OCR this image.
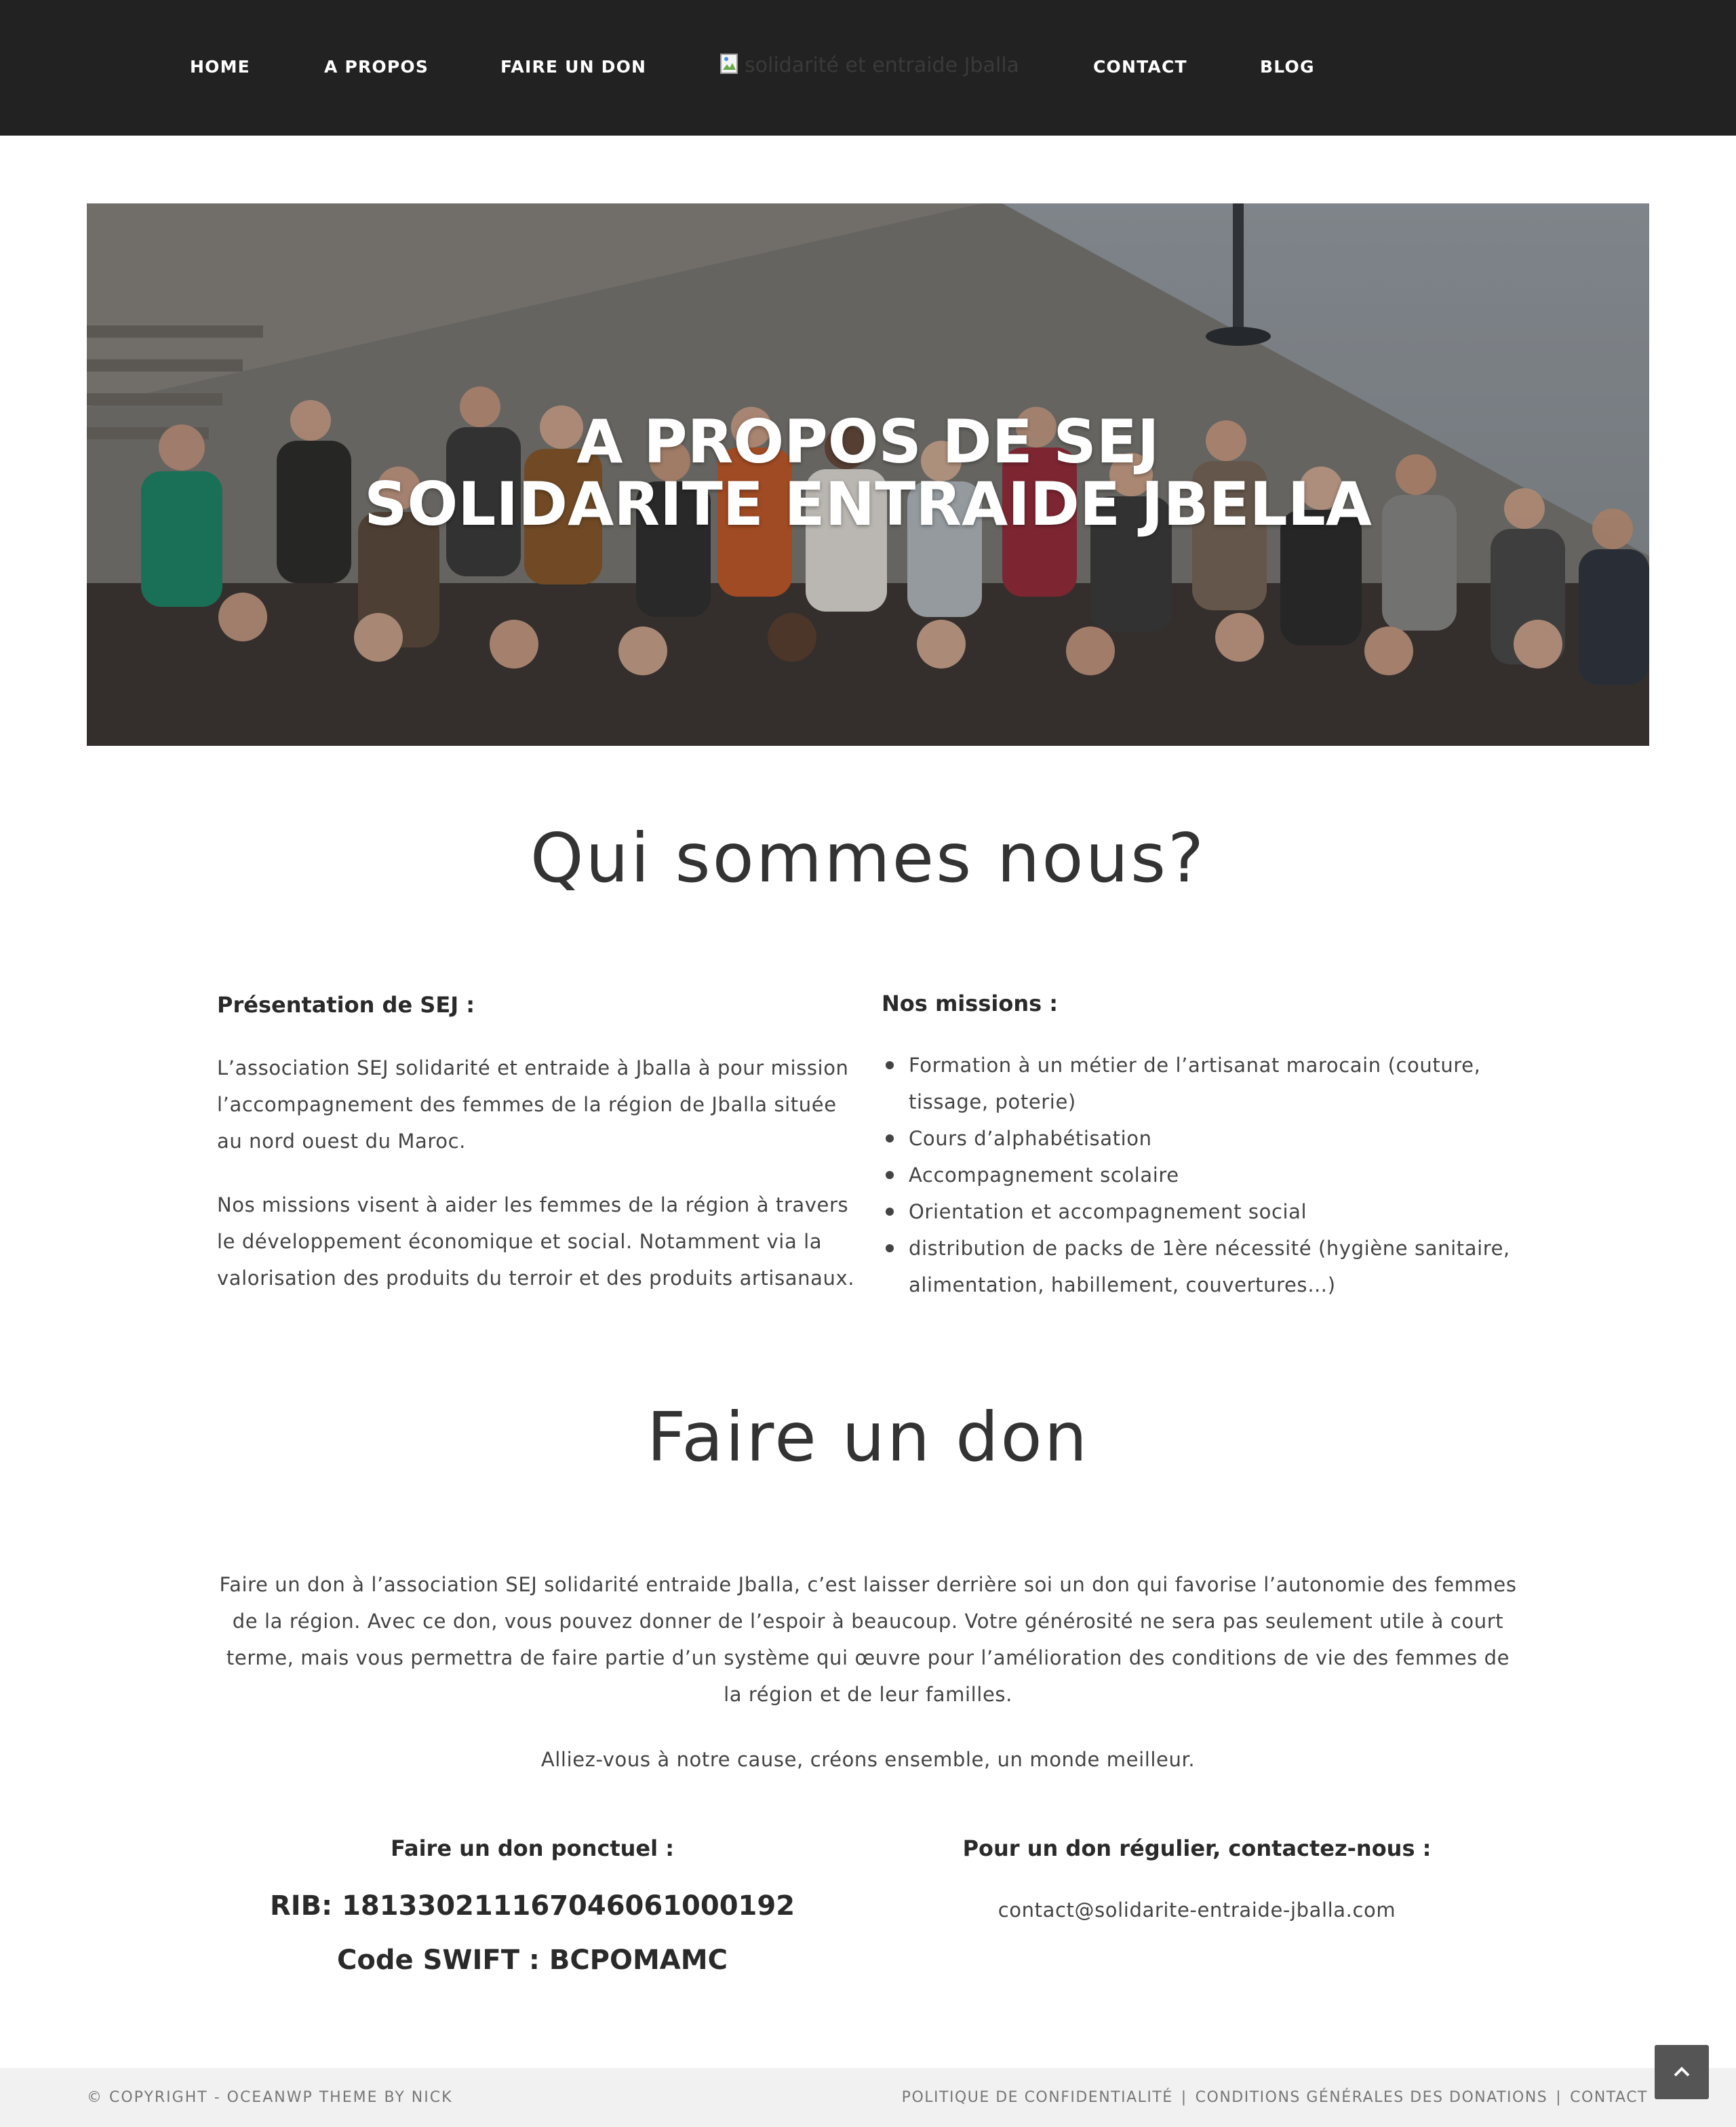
HOME	A PROPOS	FAIRE UN DON	solidarité et entraide Jballa	CONTACT	BLOG
A PROPOS DE SEJ
SOLIDARITE ENTRAIDE JBELLA
Qui sommes nous?
Présentation de SEJ :

L’association SEJ solidarité et entraide à Jballa à pour mission l’accompagnement des femmes de la région de Jballa située au nord ouest du Maroc.

Nos missions visent à aider les femmes de la région à travers le développement économique et social. Notamment via la valorisation des produits du terroir et des produits artisanaux.

Nos missions :
Formation à un métier de l’artisanat marocain (couture, tissage, poterie)
Cours d’alphabétisation
Accompagnement scolaire
Orientation et accompagnement social
distribution de packs de 1ère nécessité (hygiène sanitaire, alimentation, habillement, couvertures…)
Faire un don

Faire un don à l’association SEJ solidarité entraide Jballa, c’est laisser derrière soi un don qui favorise l’autonomie des femmes de la région. Avec ce don, vous pouvez donner de l’espoir à beaucoup. Votre générosité ne sera pas seulement utile à court terme, mais vous permettra de faire partie d’un système qui œuvre pour l’amélioration des conditions de vie des femmes de la région et de leur familles.

Alliez-vous à notre cause, créons ensemble, un monde meilleur.
Faire un don ponctuel :
RIB: 181330211167046061000192
Code SWIFT : BCPOMAMC
Pour un don régulier, contactez-nous :
contact@solidarite-entraide-jballa.com
© COPYRIGHT - OCEANWP THEME BY NICK	POLITIQUE DE CONFIDENTIALITÉ | CONDITIONS GÉNÉRALES DES DONATIONS | CONTACT
